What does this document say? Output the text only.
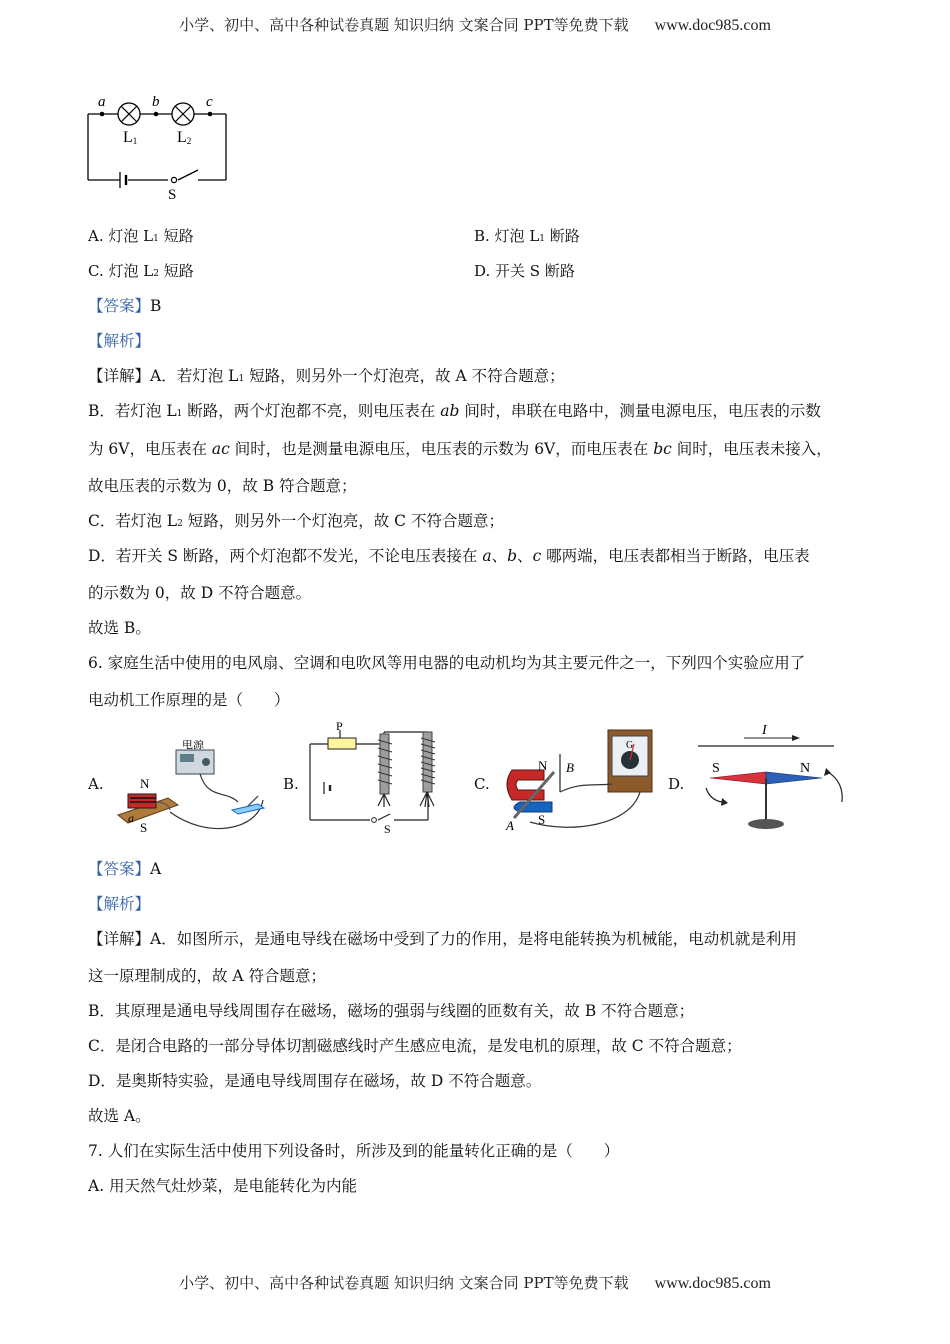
小学、初中、高中各种试卷真题 知识归纳 文案合同 PPT等免费下载 www.doc985.com
a	b	c
L1 L2
S
A. 灯泡 L1 短路	B. 灯泡 L1 断路
C. 灯泡 L2 短路	D. 开关 S 断路
【答案】B
【解析】
【详解】A．若灯泡 L1 短路，则另外一个灯泡亮，故 A 不符合题意；
B．若灯泡 L1 断路，两个灯泡都不亮，则电压表在 ab 间时，串联在电路中，测量电源电压，电压表的示数
为 6V，电压表在 ac 间时，也是测量电源电压，电压表的示数为 6V，而电压表在 bc 间时，电压表未接入，
故电压表的示数为 0，故 B 符合题意；
C．若灯泡 L2 短路，则另外一个灯泡亮，故 C 不符合题意；
D．若开关 S 断路，两个灯泡都不发光，不论电压表接在 a、b、c 哪两端，电压表都相当于断路，电压表
的示数为 0，故 D 不符合题意。
故选 B。
6. 家庭生活中使用的电风扇、空调和电吹风等用电器的电动机均为其主要元件之一，下列四个实验应用了
电动机工作原理的是（　　）
A.
电源
N
S
a
B.
P
S
C.
N
S
B
A
G
D.
I
S	N
【答案】A
【解析】
【详解】A．如图所示，是通电导线在磁场中受到了力的作用，是将电能转换为机械能，电动机就是利用
这一原理制成的，故 A 符合题意；
B．其原理是通电导线周围存在磁场，磁场的强弱与线圈的匝数有关，故 B 不符合题意；
C．是闭合电路的一部分导体切割磁感线时产生感应电流，是发电机的原理，故 C 不符合题意；
D．是奥斯特实验，是通电导线周围存在磁场，故 D 不符合题意。
故选 A。
7. 人们在实际生活中使用下列设备时，所涉及到的能量转化正确的是（　　）
A. 用天然气灶炒菜，是电能转化为内能
小学、初中、高中各种试卷真题 知识归纳 文案合同 PPT等免费下载 www.doc985.com
